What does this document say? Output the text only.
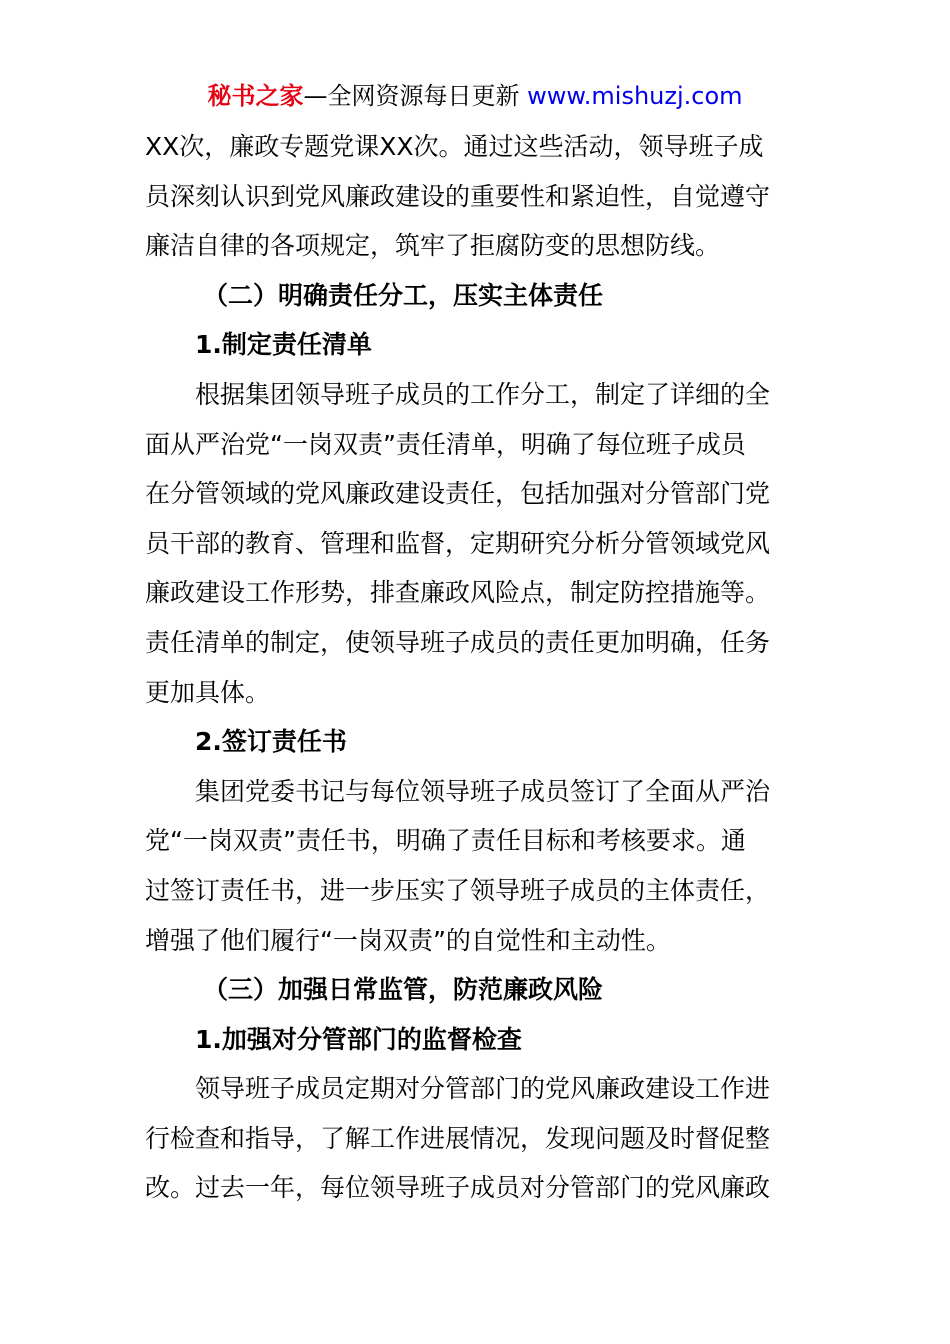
秘书之家—全网资源每日更新 www.mishuzj.com
XX次，廉政专题党课XX次。通过这些活动，领导班子成
员深刻认识到党风廉政建设的重要性和紧迫性，自觉遵守
廉洁自律的各项规定，筑牢了拒腐防变的思想防线。
（二）明确责任分工，压实主体责任
1.制定责任清单
根据集团领导班子成员的工作分工，制定了详细的全
面从严治党“一岗双责”责任清单，明确了每位班子成员
在分管领域的党风廉政建设责任，包括加强对分管部门党
员干部的教育、管理和监督，定期研究分析分管领域党风
廉政建设工作形势，排查廉政风险点，制定防控措施等。
责任清单的制定，使领导班子成员的责任更加明确，任务
更加具体。
2.签订责任书
集团党委书记与每位领导班子成员签订了全面从严治
党“一岗双责”责任书，明确了责任目标和考核要求。通
过签订责任书，进一步压实了领导班子成员的主体责任，
增强了他们履行“一岗双责”的自觉性和主动性。
（三）加强日常监管，防范廉政风险
1.加强对分管部门的监督检查
领导班子成员定期对分管部门的党风廉政建设工作进
行检查和指导，了解工作进展情况，发现问题及时督促整
改。过去一年，每位领导班子成员对分管部门的党风廉政
